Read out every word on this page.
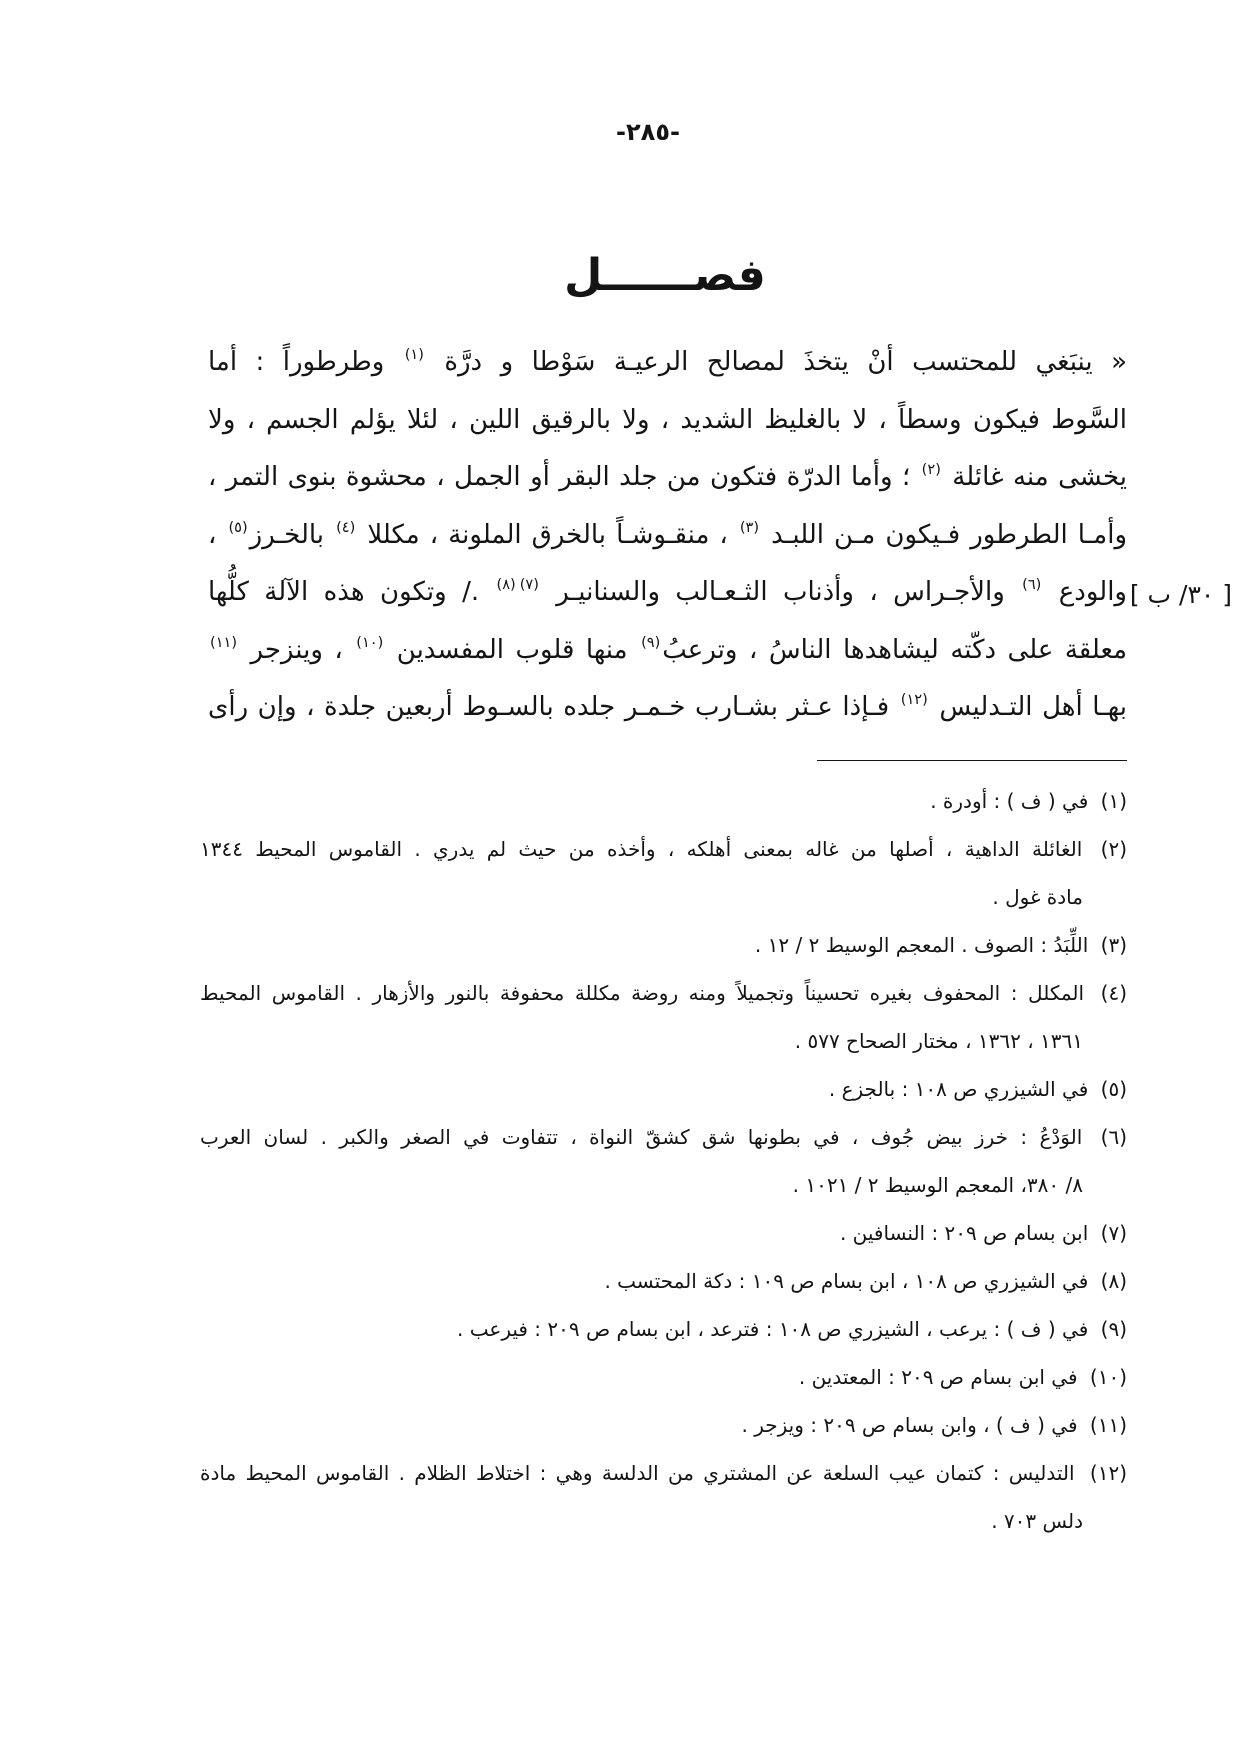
-٢٨٥-
فصــــــل
« ينبَغي للمحتسب أنْ يتخذَ لمصالح الرعيـة سَوْطا و درَّة $^{(١)}$ وطرطوراً : أما
السَّوط فيكون وسطاً ، لا بالغليظ الشديد ، ولا بالرقيق اللين ، لئلا يؤلم الجسم ، ولا
يخشى منه غائلة $^{(٢)}$ ؛ وأما الدرّة فتكون من جلد البقر أو الجمل ، محشوة بنوى التمر ،
وأمـا الطرطور فـيكون مـن اللبـد $^{(٣)}$ ، منقـوشـاً بالخرق الملونة ، مكللا $^{(٤)}$ بالخـرز$^{(٥)}$ ،
والودع $^{(٦)}$ والأجـراس ، وأذناب الثـعـالب والسنانيـر $^{(٧)(٨)}$ ./ وتكون هذه الآلة كلُّها
معلقة على دكّته ليشاهدها الناسُ ، وترعبُ$^{(٩)}$ منها قلوب المفسدين $^{(١٠)}$ ، وينزجر $^{(١١)}$
بهـا أهل التـدليس $^{(١٢)}$ فـإذا عـثر بشـارب خـمـر جلده بالسـوط أربعين جلدة ، وإن رأى
[ ٣٠/ ب ]
(١) في ( ف ) : أودرة .
(٢) الغائلة الداهية ، أصلها من غاله بمعنى أهلكه ، وأخذه من حيث لم يدري . القاموس المحيط ١٣٤٤
مادة غول .
(٣) اللِّبَدُ : الصوف . المعجم الوسيط ٢ / ١٢ .
(٤) المكلل : المحفوف بغيره تحسيناً وتجميلاً ومنه روضة مكللة محفوفة بالنور والأزهار . القاموس المحيط
١٣٦١ ، ١٣٦٢ ، مختار الصحاح ٥٧٧ .
(٥) في الشيزري ص ١٠٨ : بالجزع .
(٦) الوَدْعُ : خرز بيض جُوف ، في بطونها شق كشقّ النواة ، تتفاوت في الصغر والكبر . لسان العرب
٨/ ٣٨٠، المعجم الوسيط ٢ / ١٠٢١ .
(٧) ابن بسام ص ٢٠٩ : النسافين .
(٨) في الشيزري ص ١٠٨ ، ابن بسام ص ١٠٩ : دكة المحتسب .
(٩) في ( ف ) : يرعب ، الشيزري ص ١٠٨ : فترعد ، ابن بسام ص ٢٠٩ : فيرعب .
(١٠) في ابن بسام ص ٢٠٩ : المعتدين .
(١١) في ( ف ) ، وابن بسام ص ٢٠٩ : ويزجر .
(١٢) التدليس : كتمان عيب السلعة عن المشتري من الدلسة وهي : اختلاط الظلام . القاموس المحيط مادة
دلس ٧٠٣ .
